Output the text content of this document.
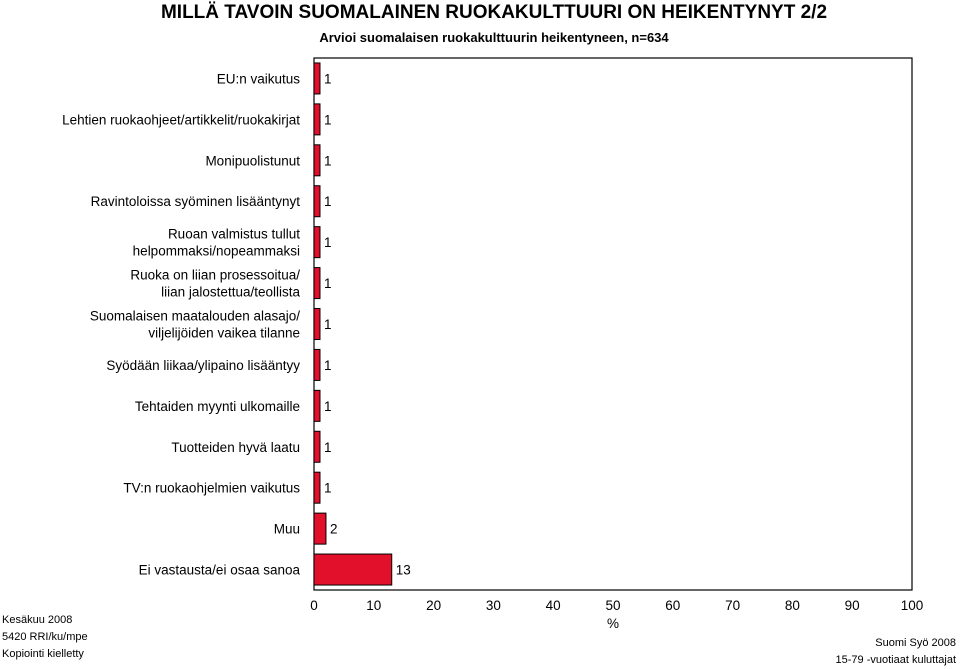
MILLÄ TAVOIN SUOMALAINEN RUOKAKULTTUURI ON HEIKENTYNYT 2/2
Arvioi suomalaisen ruokakulttuurin heikentyneen, n=634
EU:n vaikutus 1
Lehtien ruokaohjeet/artikkelit/ruokakirjat 1
Monipuolistunut 1
Ravintoloissa syöminen lisääntynyt 1
Ruoan valmistus tullut helpommaksi/nopeammaksi
1
Ruoka on liian prosessoitua/ liian jalostettua/teollista
1
Suomalaisen maatalouden alasajo/ viljelijöiden vaikea tilanne
1
Syödään liikaa/ylipaino lisääntyy 1
Tehtaiden myynti ulkomaille 1
Tuotteiden hyvä laatu 1
TV:n ruokaohjelmien vaikutus 1
Muu 2
Ei vastausta/ei osaa sanoa	13
0	10	20	30	40	50	60	70	80	90	100
%
Kesäkuu 2008
5420 RRI/ku/mpe
Kopiointi kielletty
Suomi Syö 2008
15-79 -vuotiaat kuluttajat
